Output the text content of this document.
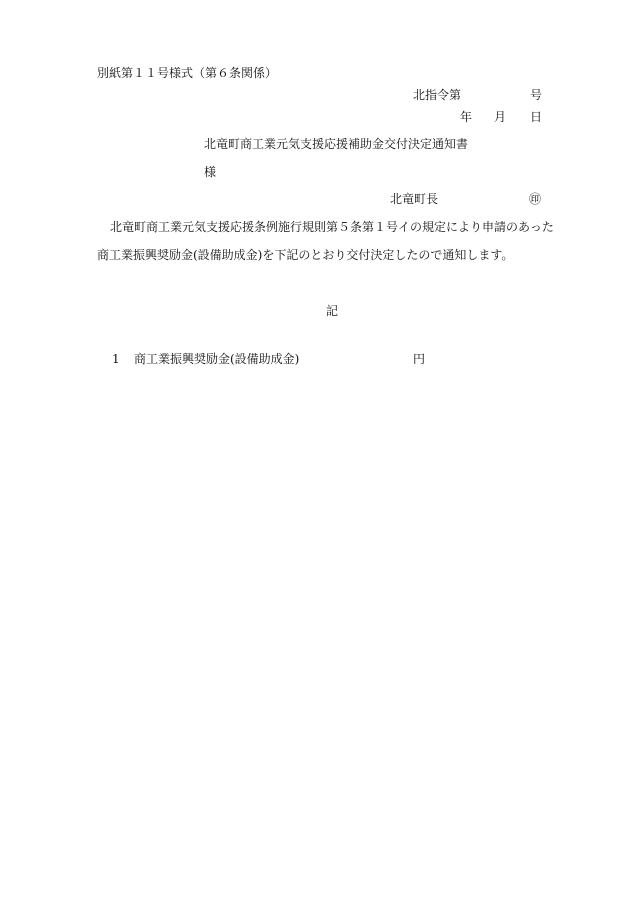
別紙第１１号様式（第６条関係）
北指令第	号
年 月 日
北竜町商工業元気支援応援補助金交付決定通知書
様
北竜町長	㊞
北竜町商工業元気支援応援条例施行規則第５条第１号イの規定により申請のあった
商工業振興奨励金(設備助成金)を下記のとおり交付決定したので通知します。
記
1 商工業振興奨励金(設備助成金)	円
